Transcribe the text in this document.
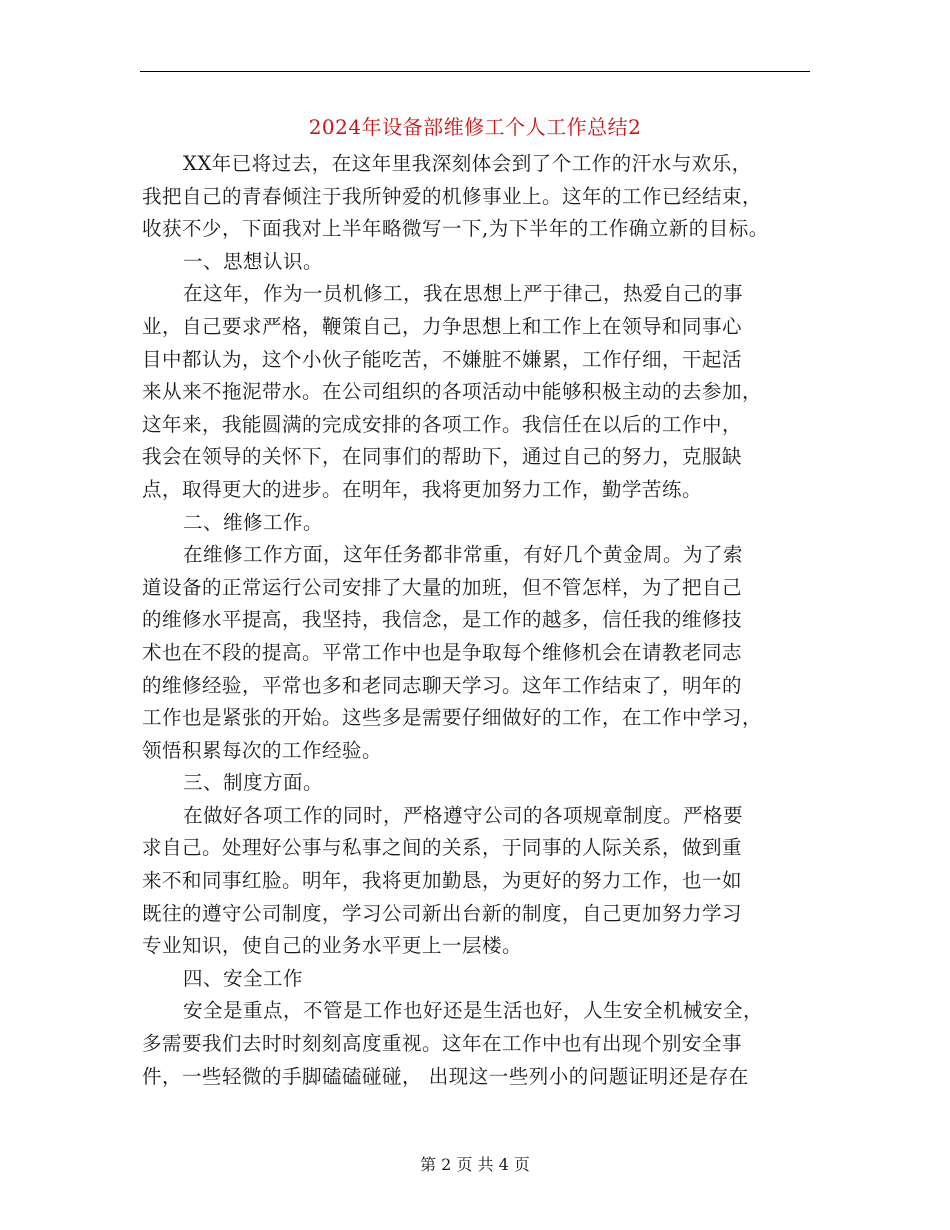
2024年设备部维修工个人工作总结2
XX年已将过去，在这年里我深刻体会到了个工作的汗水与欢乐，
我把自己的青春倾注于我所钟爱的机修事业上。这年的工作已经结束，
收获不少，下面我对上半年略微写一下,为下半年的工作确立新的目标。
一、思想认识。
在这年，作为一员机修工，我在思想上严于律己，热爱自己的事
业，自己要求严格，鞭策自己，力争思想上和工作上在领导和同事心
目中都认为，这个小伙子能吃苦，不嫌脏不嫌累，工作仔细，干起活
来从来不拖泥带水。在公司组织的各项活动中能够积极主动的去参加，
这年来，我能圆满的完成安排的各项工作。我信任在以后的工作中，
我会在领导的关怀下，在同事们的帮助下，通过自己的努力，克服缺
点，取得更大的进步。在明年，我将更加努力工作，勤学苦练。
二、维修工作。
在维修工作方面，这年任务都非常重，有好几个黄金周。为了索
道设备的正常运行公司安排了大量的加班，但不管怎样，为了把自己
的维修水平提高，我坚持，我信念，是工作的越多，信任我的维修技
术也在不段的提高。平常工作中也是争取每个维修机会在请教老同志
的维修经验，平常也多和老同志聊天学习。这年工作结束了，明年的
工作也是紧张的开始。这些多是需要仔细做好的工作，在工作中学习，
领悟积累每次的工作经验。
三、制度方面。
在做好各项工作的同时，严格遵守公司的各项规章制度。严格要
求自己。处理好公事与私事之间的关系，于同事的人际关系，做到重
来不和同事红脸。明年，我将更加勤恳，为更好的努力工作，也一如
既往的遵守公司制度，学习公司新出台新的制度，自己更加努力学习
专业知识，使自己的业务水平更上一层楼。
四、安全工作
安全是重点，不管是工作也好还是生活也好，人生安全机械安全，
多需要我们去时时刻刻高度重视。这年在工作中也有出现个别安全事
件，一些轻微的手脚磕磕碰碰， 出现这一些列小的问题证明还是存在
第 2 页 共 4 页
